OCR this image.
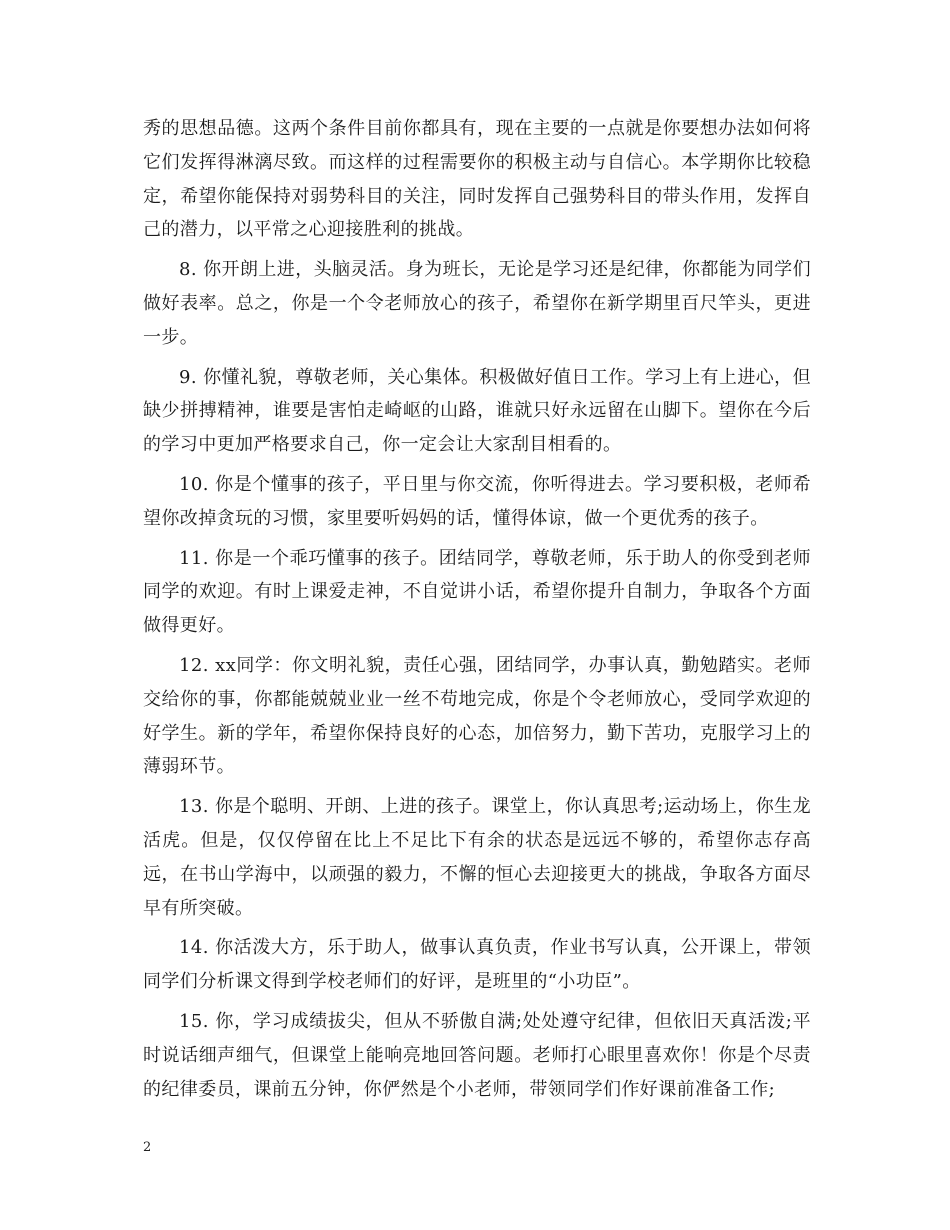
秀的思想品德。这两个条件目前你都具有，现在主要的一点就是你要想办法如何将它们发挥得淋漓尽致。而这样的过程需要你的积极主动与自信心。本学期你比较稳定，希望你能保持对弱势科目的关注，同时发挥自己强势科目的带头作用，发挥自己的潜力，以平常之心迎接胜利的挑战。

8. 你开朗上进，头脑灵活。身为班长，无论是学习还是纪律，你都能为同学们做好表率。总之，你是一个令老师放心的孩子，希望你在新学期里百尺竿头，更进一步。

9. 你懂礼貌，尊敬老师，关心集体。积极做好值日工作。学习上有上进心，但缺少拼搏精神，谁要是害怕走崎岖的山路，谁就只好永远留在山脚下。望你在今后的学习中更加严格要求自己，你一定会让大家刮目相看的。

10. 你是个懂事的孩子，平日里与你交流，你听得进去。学习要积极，老师希望你改掉贪玩的习惯，家里要听妈妈的话，懂得体谅，做一个更优秀的孩子。

11. 你是一个乖巧懂事的孩子。团结同学，尊敬老师，乐于助人的你受到老师同学的欢迎。有时上课爱走神，不自觉讲小话，希望你提升自制力，争取各个方面做得更好。

12. xx同学：你文明礼貌，责任心强，团结同学，办事认真，勤勉踏实。老师交给你的事，你都能兢兢业业一丝不苟地完成，你是个令老师放心，受同学欢迎的好学生。新的学年，希望你保持良好的心态，加倍努力，勤下苦功，克服学习上的薄弱环节。

13. 你是个聪明、开朗、上进的孩子。课堂上，你认真思考;运动场上，你生龙活虎。但是，仅仅停留在比上不足比下有余的状态是远远不够的，希望你志存高远，在书山学海中，以顽强的毅力，不懈的恒心去迎接更大的挑战，争取各方面尽早有所突破。

14. 你活泼大方，乐于助人，做事认真负责，作业书写认真，公开课上，带领同学们分析课文得到学校老师们的好评，是班里的“小功臣”。

15. 你，学习成绩拔尖，但从不骄傲自满;处处遵守纪律，但依旧天真活泼;平时说话细声细气，但课堂上能响亮地回答问题。老师打心眼里喜欢你！你是个尽责的纪律委员，课前五分钟，你俨然是个小老师，带领同学们作好课前准备工作;

2
